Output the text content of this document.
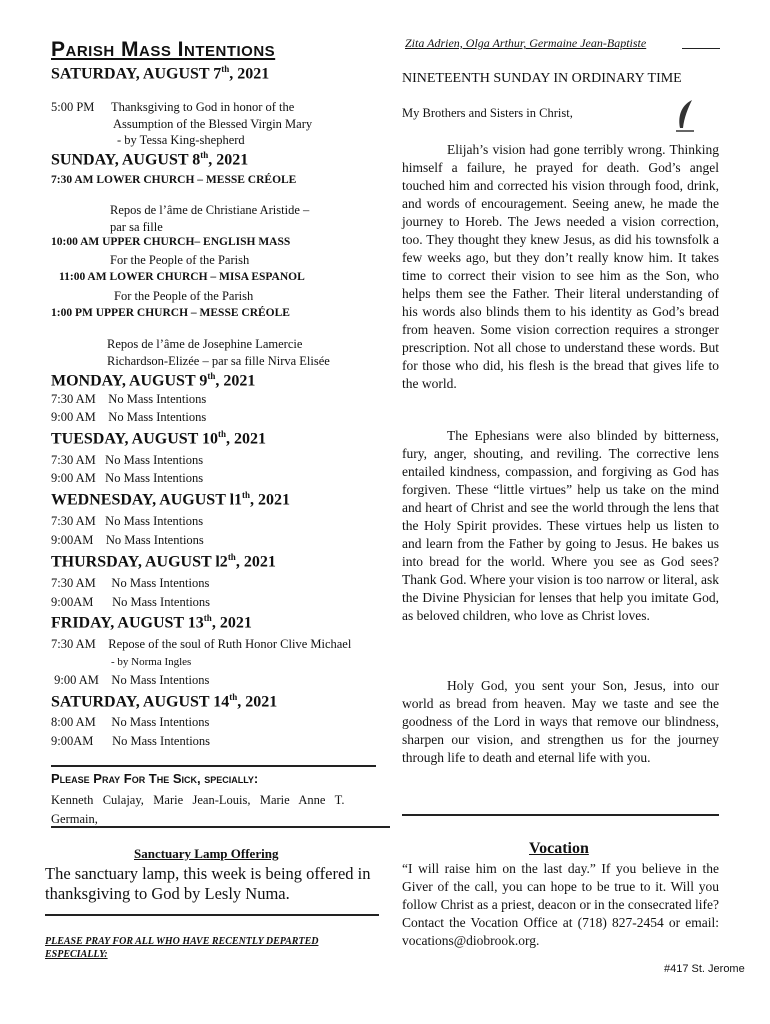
Parish Mass Intentions
SATURDAY, AUGUST 7th, 2021
5:00 PM Thanksgiving to God in honor of the
Assumption of the Blessed Virgin Mary
- by Tessa King-shepherd
SUNDAY, AUGUST 8th, 2021
7:30 AM LOWER CHURCH – MESSE CRÉOLE
Repos de l’âme de Christiane Aristide –
par sa fille
10:00 AM UPPER CHURCH– ENGLISH MASS
For the People of the Parish
11:00 AM LOWER CHURCH – MISA ESPANOL
For the People of the Parish
1:00 PM UPPER CHURCH – MESSE CRÉOLE
Repos de l’âme de Josephine Lamercie
Richardson-Elizée – par sa fille Nirva Elisée
MONDAY, AUGUST 9th, 2021
7:30 AM    No Mass Intentions
9:00 AM    No Mass Intentions
TUESDAY, AUGUST 10th, 2021
7:30 AM   No Mass Intentions
9:00 AM   No Mass Intentions
WEDNESDAY, AUGUST l1th, 2021
7:30 AM   No Mass Intentions
9:00AM    No Mass Intentions
THURSDAY, AUGUST l2th, 2021
7:30 AM     No Mass Intentions
9:00AM      No Mass Intentions
FRIDAY, AUGUST 13th, 2021
7:30 AM    Repose of the soul of Ruth Honor Clive Michael
- by Norma Ingles
9:00 AM    No Mass Intentions
SATURDAY, AUGUST 14th, 2021
8:00 AM     No Mass Intentions
9:00AM      No Mass Intentions
Please Pray For The Sick, specially:
Kenneth   Culajay,   Marie   Jean-Louis,   Marie   Anne   T.
Germain,
Sanctuary Lamp Offering
The sanctuary lamp, this week is being offered in
thanksgiving to God by Lesly Numa.
PLEASE PRAY FOR ALL WHO HAVE RECENTLY DEPARTED
ESPECIALLY:
Zita Adrien, Olga Arthur, Germaine Jean-Baptiste
NINETEENTH SUNDAY IN ORDINARY TIME
My Brothers and Sisters in Christ,

Elijah’s vision had gone terribly wrong. Thinking himself a failure, he prayed for death. God’s angel touched him and corrected his vision through food, drink, and words of encouragement. Seeing anew, he made the journey to Horeb. The Jews needed a vision correction, too. They thought they knew Jesus, as did his townsfolk a few weeks ago, but they don’t really know him. It takes time to correct their vision to see him as the Son, who helps them see the Father. Their literal understanding of his words also blinds them to his identity as God’s bread from heaven. Some vision correction requires a stronger prescription. Not all chose to understand these words. But for those who did, his flesh is the bread that gives life to the world.

The Ephesians were also blinded by bitterness, fury, anger, shouting, and reviling. The corrective lens entailed kindness, compassion, and forgiving as God has forgiven. These “little virtues” help us take on the mind and heart of Christ and see the world through the lens that the Holy Spirit provides. These virtues help us listen to and learn from the Father by going to Jesus. He bakes us into bread for the world. Where you see as God sees? Thank God. Where your vision is too narrow or literal, ask the Divine Physician for lenses that help you imitate God, as beloved children, who love as Christ loves.

Holy God, you sent your Son, Jesus, into our world as bread from heaven. May we taste and see the goodness of the Lord in ways that remove our blindness, sharpen our vision, and strengthen us for the journey through life to death and eternal life with you.

Vocation

“I will raise him on the last day.” If you believe in the Giver of the call, you can hope to be true to it. Will you follow Christ as a priest, deacon or in the consecrated life? Contact the Vocation Office at (718) 827-2454 or email: vocations@diobrook.org.

#417 St. Jerome
